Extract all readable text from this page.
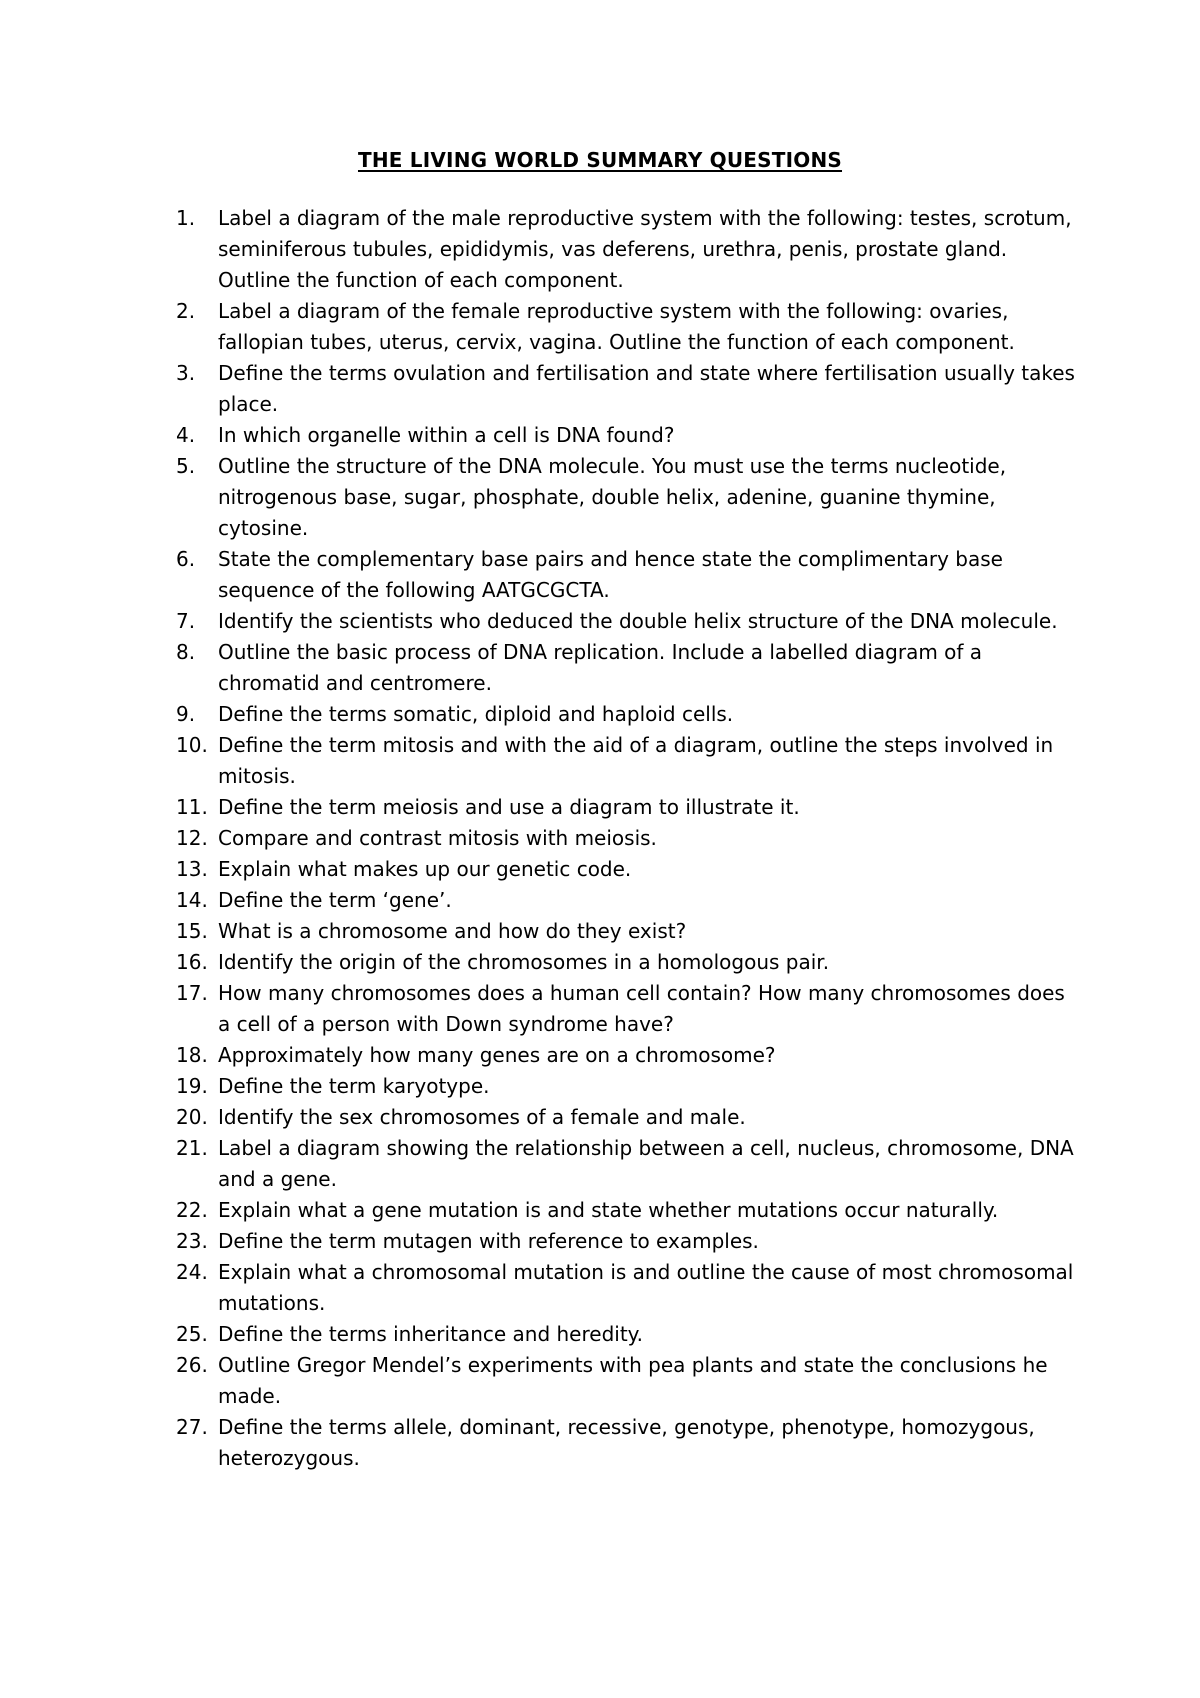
THE LIVING WORLD SUMMARY QUESTIONS
1.	Label a diagram of the male reproductive system with the following: testes, scrotum, seminiferous tubules, epididymis, vas deferens, urethra, penis, prostate gland. Outline the function of each component.
2.	Label a diagram of the female reproductive system with the following: ovaries, fallopian tubes, uterus, cervix, vagina. Outline the function of each component.
3.	Define the terms ovulation and fertilisation and state where fertilisation usually takes place.
4.	In which organelle within a cell is DNA found?
5.	Outline the structure of the DNA molecule. You must use the terms nucleotide, nitrogenous base, sugar, phosphate, double helix, adenine, guanine thymine, cytosine.
6.	State the complementary base pairs and hence state the complimentary base sequence of the following AATGCGCTA.
7.	Identify the scientists who deduced the double helix structure of the DNA molecule.
8.	Outline the basic process of DNA replication. Include a labelled diagram of a chromatid and centromere.
9.	Define the terms somatic, diploid and haploid cells.
10. Define the term mitosis and with the aid of a diagram, outline the steps involved in mitosis.
11. Define the term meiosis and use a diagram to illustrate it.
12. Compare and contrast mitosis with meiosis.
13. Explain what makes up our genetic code.
14. Define the term ‘gene’.
15. What is a chromosome and how do they exist?
16. Identify the origin of the chromosomes in a homologous pair.
17. How many chromosomes does a human cell contain? How many chromosomes does a cell of a person with Down syndrome have?
18. Approximately how many genes are on a chromosome?
19. Define the term karyotype.
20. Identify the sex chromosomes of a female and male.
21. Label a diagram showing the relationship between a cell, nucleus, chromosome, DNA and a gene.
22. Explain what a gene mutation is and state whether mutations occur naturally.
23. Define the term mutagen with reference to examples.
24. Explain what a chromosomal mutation is and outline the cause of most chromosomal mutations.
25. Define the terms inheritance and heredity.
26. Outline Gregor Mendel’s experiments with pea plants and state the conclusions he made.
27. Define the terms allele, dominant, recessive, genotype, phenotype, homozygous, heterozygous.
